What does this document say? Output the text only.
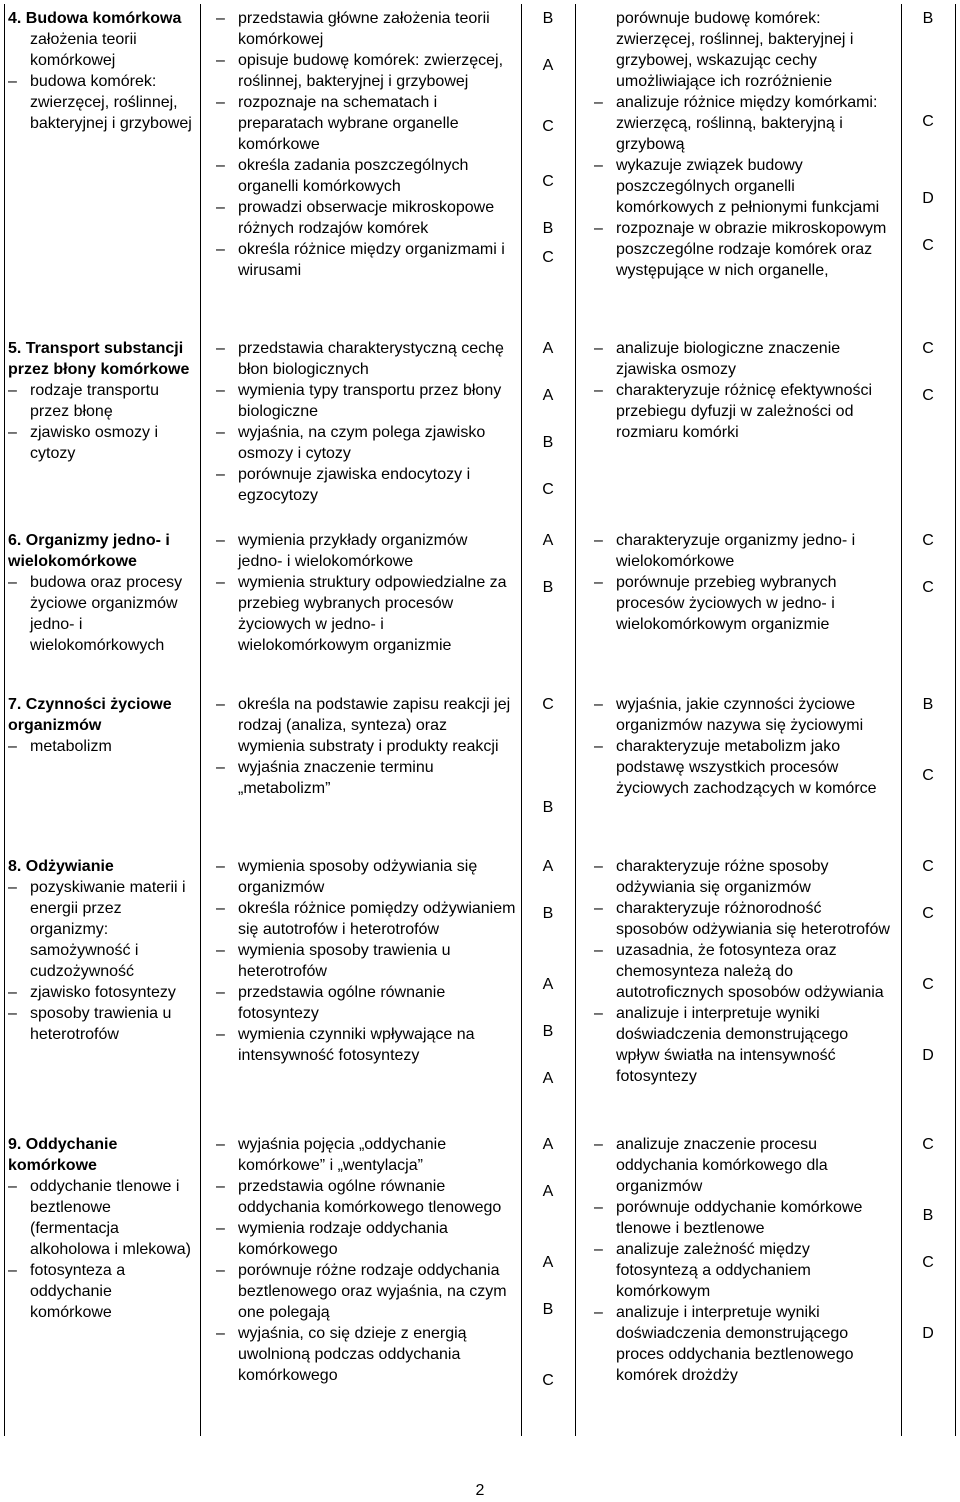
4. Budowa komórkowa
założenia teorii komórkowej
– budowa komórek: zwierzęcej, roślinnej, bakteryjnej i grzybowej
– przedstawia główne założenia teorii komórkowej
– opisuje budowę komórek: zwierzęcej, roślinnej, bakteryjnej i grzybowej
– rozpoznaje na schematach i preparatach wybrane organelle komórkowe
– określa zadania poszczególnych organelli komórkowych
– prowadzi obserwacje mikroskopowe różnych rodzajów komórek
– określa różnice między organizmami i wirusami
B
A
C
C
B
C
porównuje budowę komórek: zwierzęcej, roślinnej, bakteryjnej i grzybowej, wskazując cechy umożliwiające ich rozróżnienie
– analizuje różnice między komórkami: zwierzęcą, roślinną, bakteryjną i grzybową
– wykazuje związek budowy poszczególnych organelli komórkowych z pełnionymi funkcjami
– rozpoznaje w obrazie mikroskopowym poszczególne rodzaje komórek oraz występujące w nich organelle,
B
C
D
C
5. Transport substancji przez błony komórkowe
– rodzaje transportu przez błonę
– zjawisko osmozy i cytozy
– przedstawia charakterystyczną cechę błon biologicznych
– wymienia typy transportu przez błony biologiczne
– wyjaśnia, na czym polega zjawisko osmozy i cytozy
– porównuje zjawiska endocytozy i egzocytozy
A
A
B
C
– analizuje biologiczne znaczenie zjawiska osmozy
– charakteryzuje różnicę efektywności przebiegu dyfuzji w zależności od rozmiaru komórki
C
C
6. Organizmy jedno- i wielokomórkowe
– budowa oraz procesy życiowe organizmów jedno- i wielokomórkowych
– wymienia przykłady organizmów jedno- i wielokomórkowe
– wymienia struktury odpowiedzialne za przebieg wybranych procesów życiowych w jedno- i wielokomórkowym organizmie
A
B
– charakteryzuje organizmy jedno- i wielokomórkowe
– porównuje przebieg wybranych procesów życiowych w jedno- i wielokomórkowym organizmie
C
C
7. Czynności życiowe organizmów
– metabolizm
– określa na podstawie zapisu reakcji jej rodzaj (analiza, synteza) oraz wymienia substraty i produkty reakcji
– wyjaśnia znaczenie terminu „metabolizm”
C
B
– wyjaśnia, jakie czynności życiowe organizmów nazywa się życiowymi
– charakteryzuje metabolizm jako podstawę wszystkich procesów życiowych zachodzących w komórce
B
C
8. Odżywianie
– pozyskiwanie materii i energii przez organizmy: samożywność i cudzożywność
– zjawisko fotosyntezy
– sposoby trawienia u heterotrofów
– wymienia sposoby odżywiania się organizmów
– określa różnice pomiędzy odżywianiem się autotrofów i heterotrofów
– wymienia sposoby trawienia u heterotrofów
– przedstawia ogólne równanie fotosyntezy
– wymienia czynniki wpływające na intensywność fotosyntezy
A
B
A
B
A
– charakteryzuje różne sposoby odżywiania się organizmów
– charakteryzuje różnorodność sposobów odżywiania się heterotrofów
– uzasadnia, że fotosynteza oraz chemosynteza należą do autotroficznych sposobów odżywiania
– analizuje i interpretuje wyniki doświadczenia demonstrującego wpływ światła na intensywność fotosyntezy
C
C
C
D
9. Oddychanie komórkowe
– oddychanie tlenowe i beztlenowe (fermentacja alkoholowa i mlekowa)
– fotosynteza a oddychanie komórkowe
– wyjaśnia pojęcia „oddychanie komórkowe” i „wentylacja”
– przedstawia ogólne równanie oddychania komórkowego tlenowego
– wymienia rodzaje oddychania komórkowego
– porównuje różne rodzaje oddychania beztlenowego oraz wyjaśnia, na czym one polegają
– wyjaśnia, co się dzieje z energią uwolnioną podczas oddychania komórkowego
A
A
A
B
C
– analizuje znaczenie procesu oddychania komórkowego dla organizmów
– porównuje oddychanie komórkowe tlenowe i beztlenowe
– analizuje zależność między fotosyntezą a oddychaniem komórkowym
– analizuje i interpretuje wyniki doświadczenia demonstrującego proces oddychania beztlenowego komórek drożdży
C
B
C
D
2
